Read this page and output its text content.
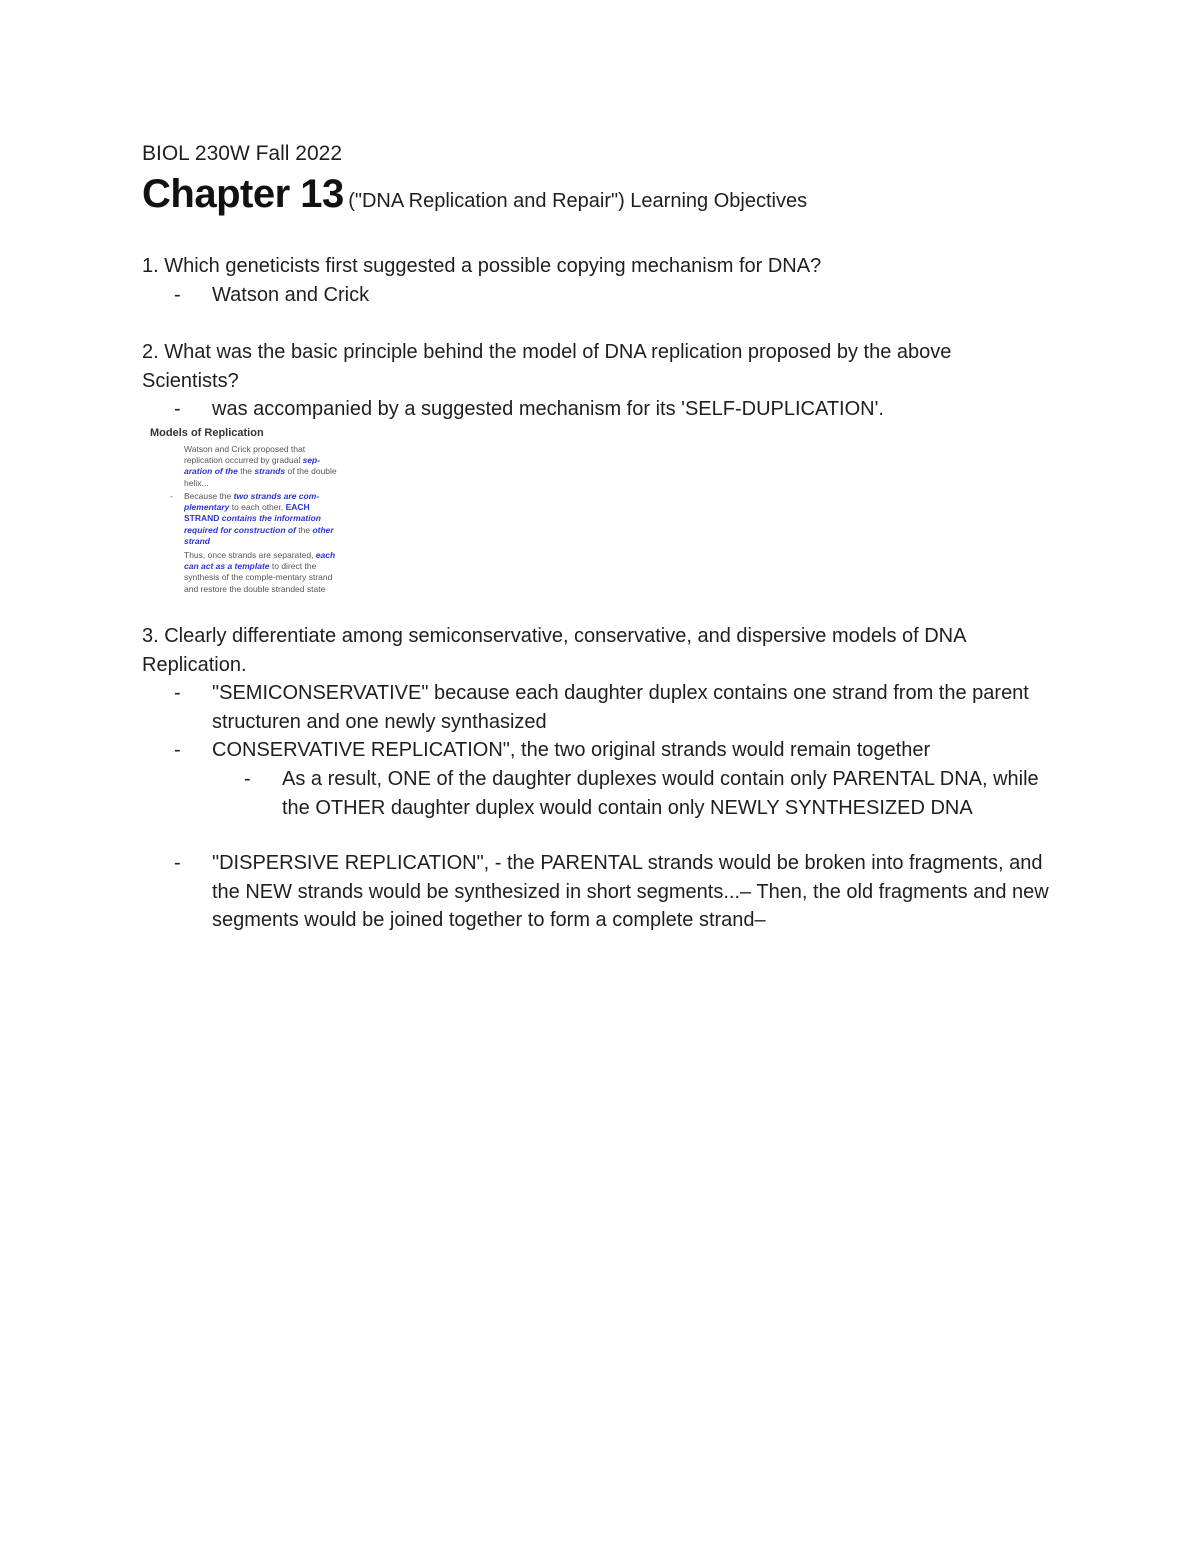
BIOL 230W Fall 2022
Chapter 13 ("DNA Replication and Repair") Learning Objectives
1. Which geneticists first suggested a possible copying mechanism for DNA?
- Watson and Crick
2. What was the basic principle behind the model of DNA replication proposed by the above Scientists?
- was accompanied by a suggested mechanism for its 'SELF-DUPLICATION'.
Models of Replication
Watson and Crick proposed that replication occurred by gradual sep-aration of the the strands of the double helix...
- Because the two strands are com-plementary to each other, EACH STRAND contains the information required for construction of the other strand
Thus, once strands are separated, each can act as a template to direct the synthesis of the comple-mentary strand and restore the double stranded state
3. Clearly differentiate among semiconservative, conservative, and dispersive models of DNA Replication.
- "SEMICONSERVATIVE" because each daughter duplex contains one strand from the parent structuren and one newly synthasized
- CONSERVATIVE REPLICATION", the two original strands would remain together
- As a result, ONE of the daughter duplexes would contain only PARENTAL DNA, while the OTHER daughter duplex would contain only NEWLY SYNTHESIZED DNA
- "DISPERSIVE REPLICATION", - the PARENTAL strands would be broken into fragments, and the NEW strands would be synthesized in short segments...– Then, the old fragments and new segments would be joined together to form a complete strand–
